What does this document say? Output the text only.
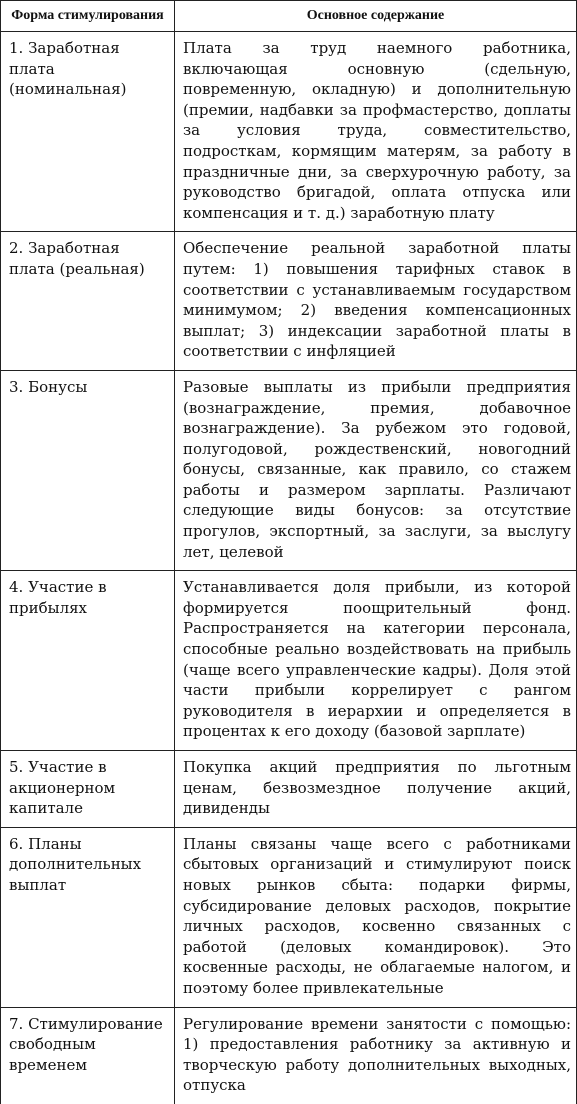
Форма стимулирования	Основное содержание
1. Заработная плата (номинальная)	Плата за труд наемного работника, включающая основную (сдельную, повременную, окладную) и дополнительную (премии, надбавки за профмастерство, доплаты за условия труда, совместительство, подросткам, кормящим матерям, за работу в праздничные дни, за сверхурочную работу, за руководство бригадой, оплата отпуска или компенсация и т. д.) заработную плату
2. Заработная плата (реальная)	Обеспечение реальной заработной платы путем: 1) повышения тарифных ставок в соответствии с устанавливаемым государством минимумом; 2) введения компенсационных выплат; 3) индексации заработной платы в соответствии с инфляцией
3. Бонусы	Разовые выплаты из прибыли предприятия (вознаграждение, премия, добавочное вознаграждение). За рубежом это годовой, полугодовой, рождественский, новогодний бонусы, связанные, как правило, со стажем работы и размером зарплаты. Различают следующие виды бонусов: за отсутствие прогулов, экспортный, за заслуги, за выслугу лет, целевой
4. Участие в прибылях	Устанавливается доля прибыли, из которой формируется поощрительный фонд. Распространяется на категории персонала, способные реально воздействовать на прибыль (чаще всего управленческие кадры). Доля этой части прибыли коррелирует с рангом руководителя в иерархии и определяется в процентах к его доходу (базовой зарплате)
5. Участие в акционерном капитале	Покупка акций предприятия по льготным ценам, безвозмездное получение акций, дивиденды
6. Планы дополнительных выплат	Планы связаны чаще всего с работниками сбытовых организаций и стимулируют поиск новых рынков сбыта: подарки фирмы, субсидирование деловых расходов, покрытие личных расходов, косвенно связанных с работой (деловых командировок). Это косвенные расходы, не облагаемые налогом, и поэтому более привлекательные
7. Стимулирование свободным временем	Регулирование времени занятости с помощью: 1) предоставления работнику за активную и творческую работу дополнительных выходных, отпуска
